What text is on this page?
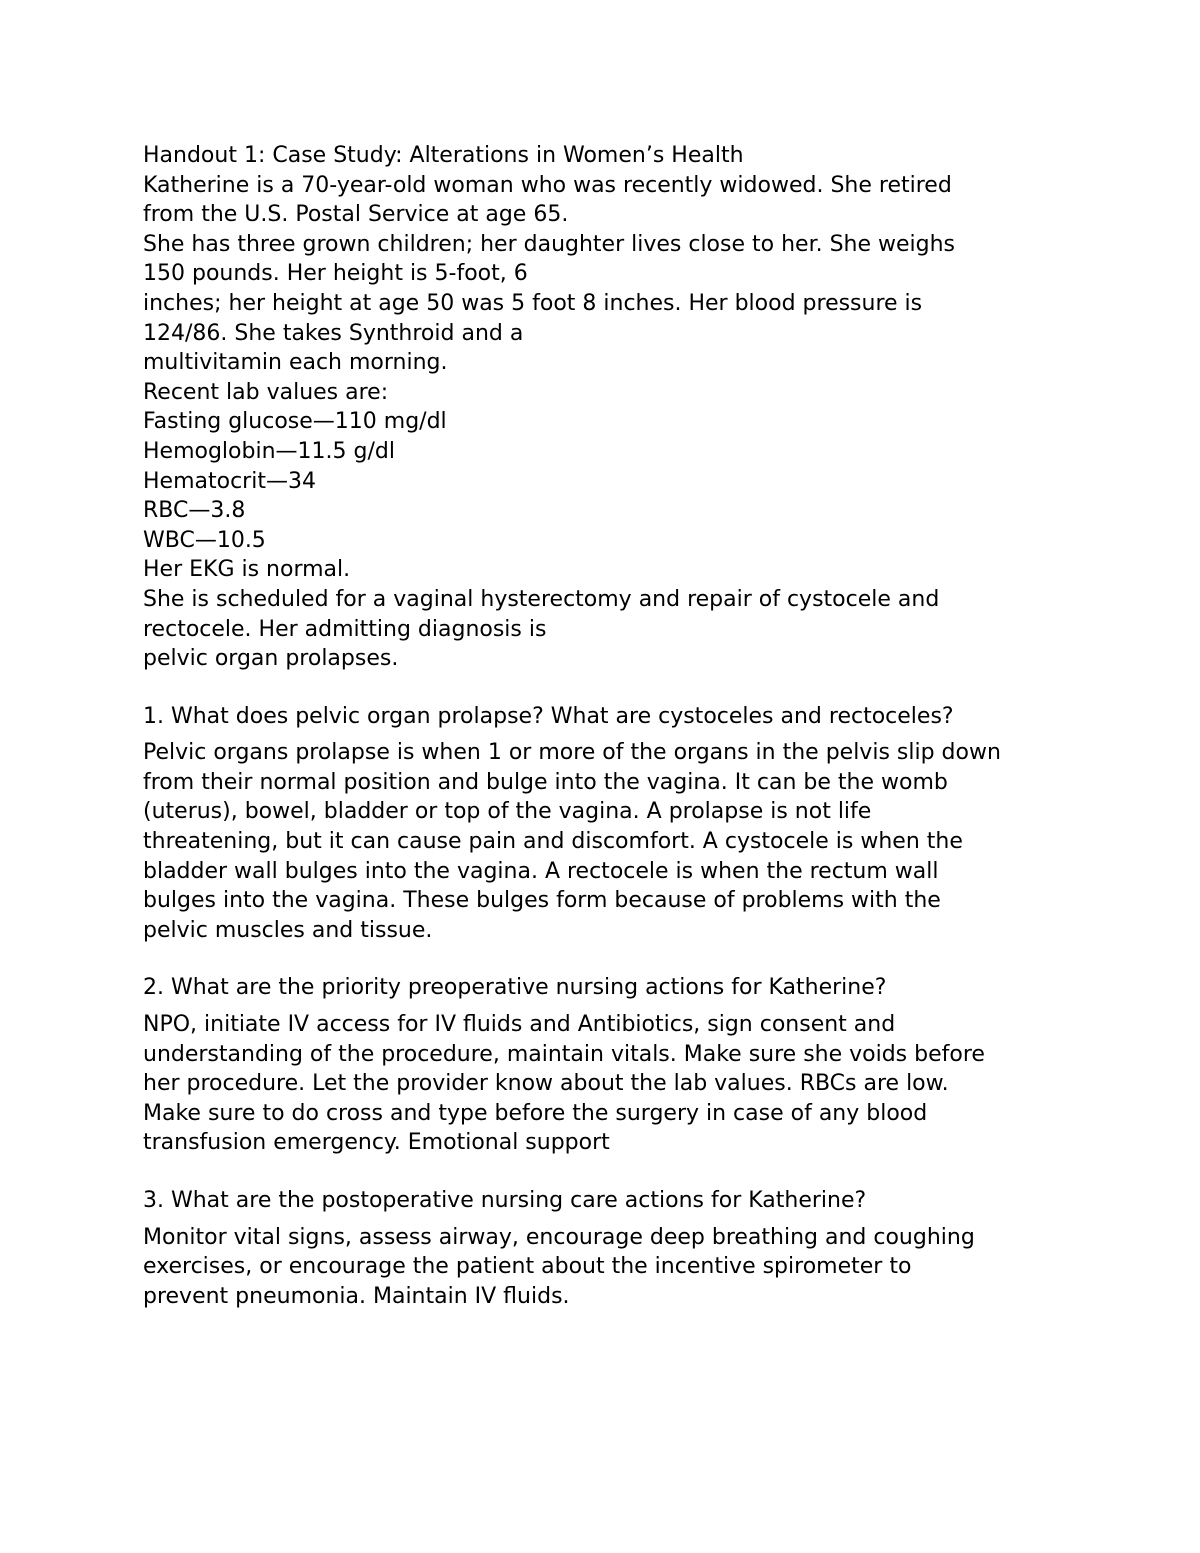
Handout 1: Case Study: Alterations in Women’s Health

Katherine is a 70-year-old woman who was recently widowed. She retired

from the U.S. Postal Service at age 65.

She has three grown children; her daughter lives close to her. She weighs

150 pounds. Her height is 5-foot, 6

inches; her height at age 50 was 5 foot 8 inches. Her blood pressure is

124/86. She takes Synthroid and a

multivitamin each morning.

Recent lab values are:

Fasting glucose—110 mg/dl

Hemoglobin—11.5 g/dl

Hematocrit—34

RBC—3.8

WBC—10.5

Her EKG is normal.

She is scheduled for a vaginal hysterectomy and repair of cystocele and

rectocele. Her admitting diagnosis is

pelvic organ prolapses.

1. What does pelvic organ prolapse? What are cystoceles and rectoceles?

Pelvic organs prolapse is when 1 or more of the organs in the pelvis slip down

from their normal position and bulge into the vagina. It can be the womb

(uterus), bowel, bladder or top of the vagina. A prolapse is not life

threatening, but it can cause pain and discomfort. A cystocele is when the

bladder wall bulges into the vagina. A rectocele is when the rectum wall

bulges into the vagina. These bulges form because of problems with the

pelvic muscles and tissue.

2. What are the priority preoperative nursing actions for Katherine?

NPO, initiate IV access for IV fluids and Antibiotics, sign consent and

understanding of the procedure, maintain vitals. Make sure she voids before

her procedure. Let the provider know about the lab values. RBCs are low.

Make sure to do cross and type before the surgery in case of any blood

transfusion emergency. Emotional support

3. What are the postoperative nursing care actions for Katherine?

Monitor vital signs, assess airway, encourage deep breathing and coughing

exercises, or encourage the patient about the incentive spirometer to

prevent pneumonia. Maintain IV fluids.
